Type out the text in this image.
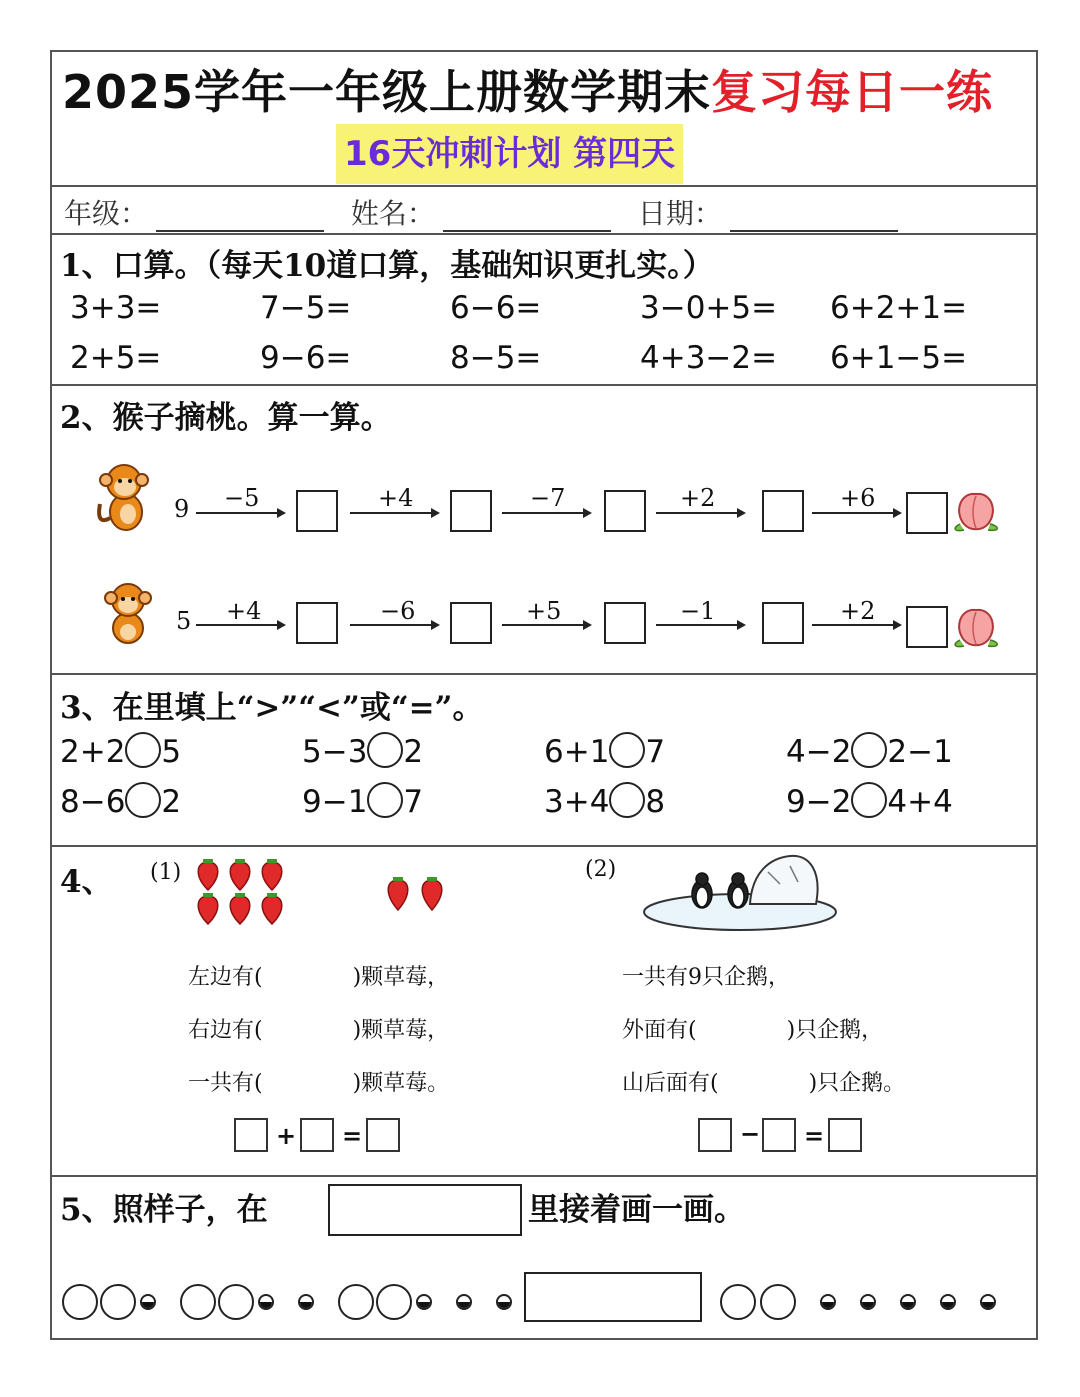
2025学年一年级上册数学期末复习每日一练
16天冲刺计划 第四天
年级：	姓名：	日期：
1、口算。（每天10道口算，基础知识更扎实。）
3+3=	7−5=	6−6=	3−0+5= 6+2+1=
2+5=	9−6=	8−5=	4+3−2= 6+1−5=
2、猴子摘桃。算一算。
9 −5	+4	−7	+2	+6
5 +4	−6	+5	−1	+2
3、在里填上“>”“<”或“=”。
2+2 5	5−3 2	6+1 7	4−2 2−1
8−6 2	9−1 7	3+4 8	9−2 4+4
4、 (1)	(2)
左边有(	)颗草莓，
右边有(	)颗草莓，
一共有(	)颗草莓。
+ =
一共有9只企鹅，
外面有(	)只企鹅，
山后面有(	)只企鹅。
− =
5、照样子，在	里接着画一画。
